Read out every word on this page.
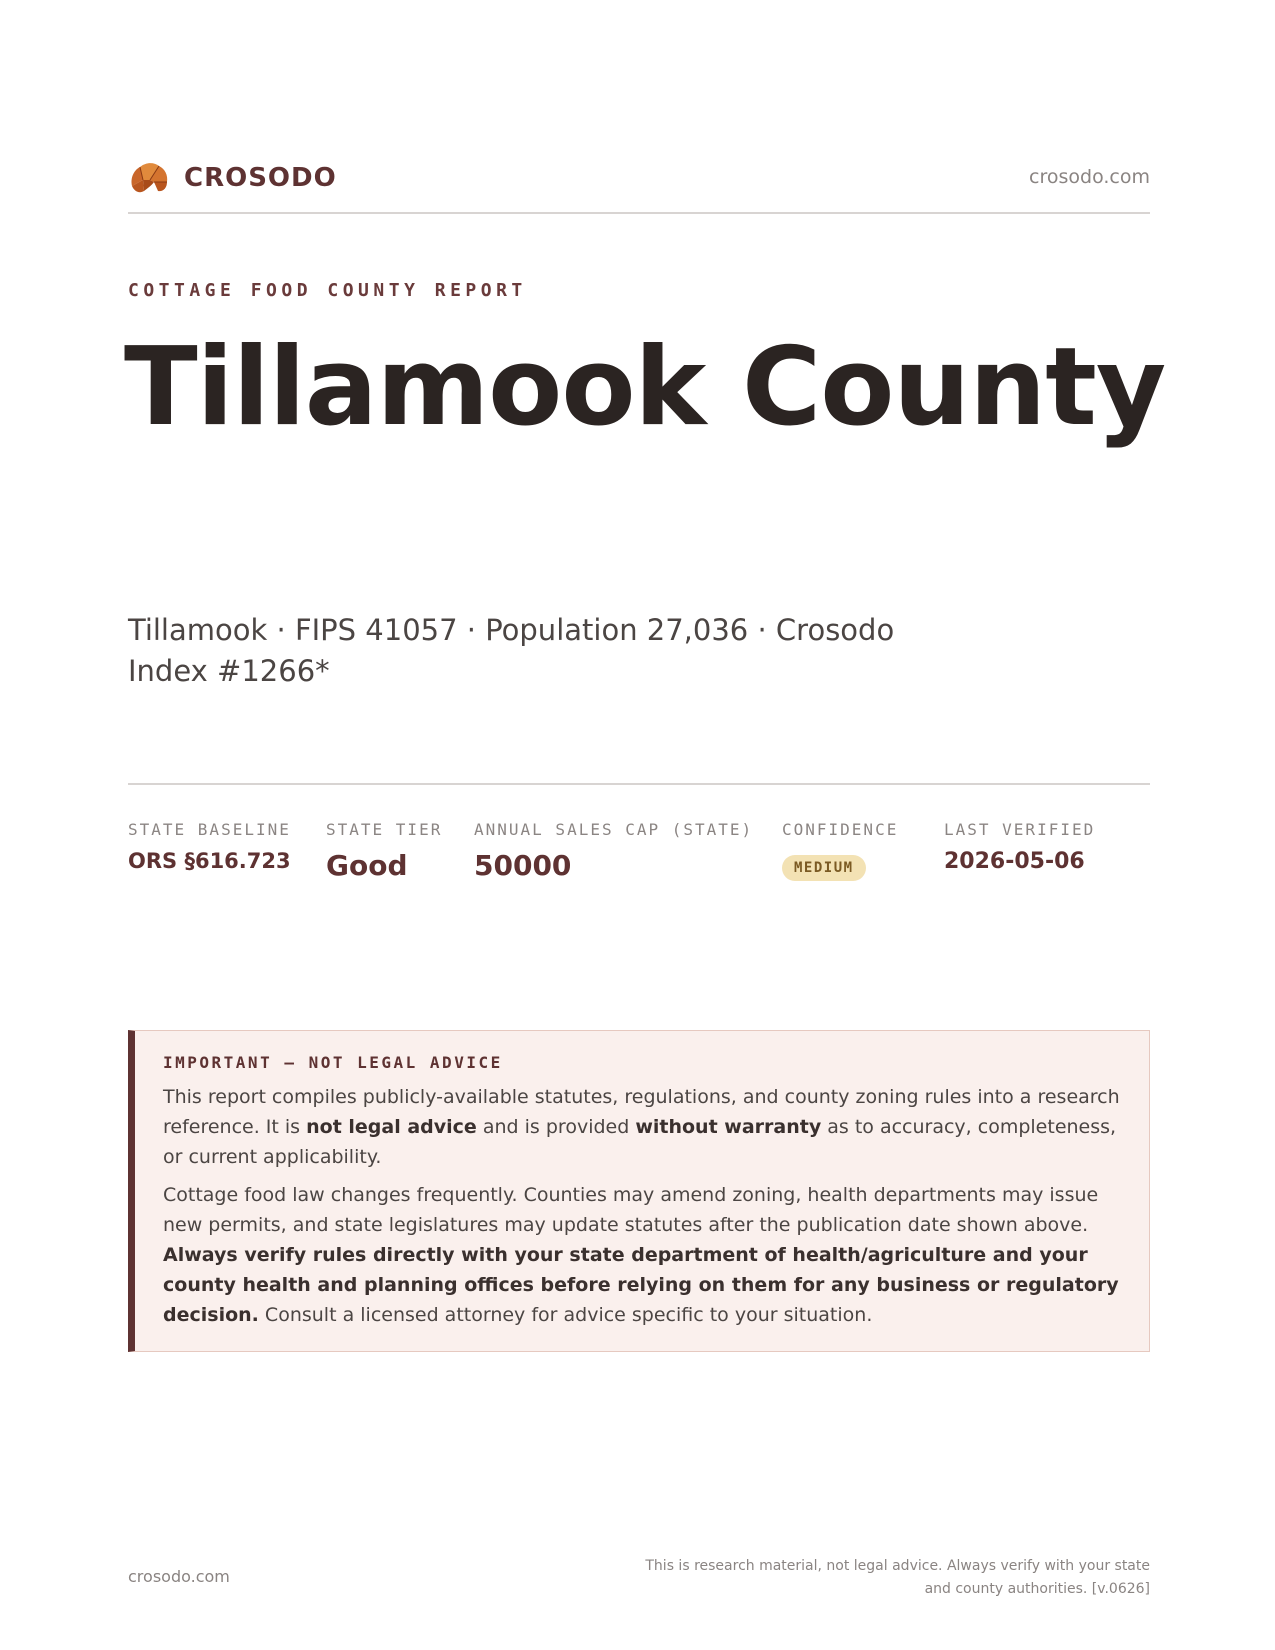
CROSODO	crosodo.com
COTTAGE FOOD COUNTY REPORT
Tillamook County
Tillamook · FIPS 41057 · Population 27,036 · Crosodo Index #1266*
STATE BASELINE
ORS §616.723
STATE TIER
Good
ANNUAL SALES CAP (STATE)
50000
CONFIDENCE
MEDIUM
LAST VERIFIED
2026-05-06
IMPORTANT — NOT LEGAL ADVICE

This report compiles publicly-available statutes, regulations, and county zoning rules into a research reference. It is not legal advice and is provided without warranty as to accuracy, completeness, or current applicability.

Cottage food law changes frequently. Counties may amend zoning, health departments may issue new permits, and state legislatures may update statutes after the publication date shown above. Always verify rules directly with your state department of health/agriculture and your county health and planning offices before relying on them for any business or regulatory decision. Consult a licensed attorney for advice specific to your situation.

crosodo.com
This is research material, not legal advice. Always verify with your state and county authorities. [v.0626]
